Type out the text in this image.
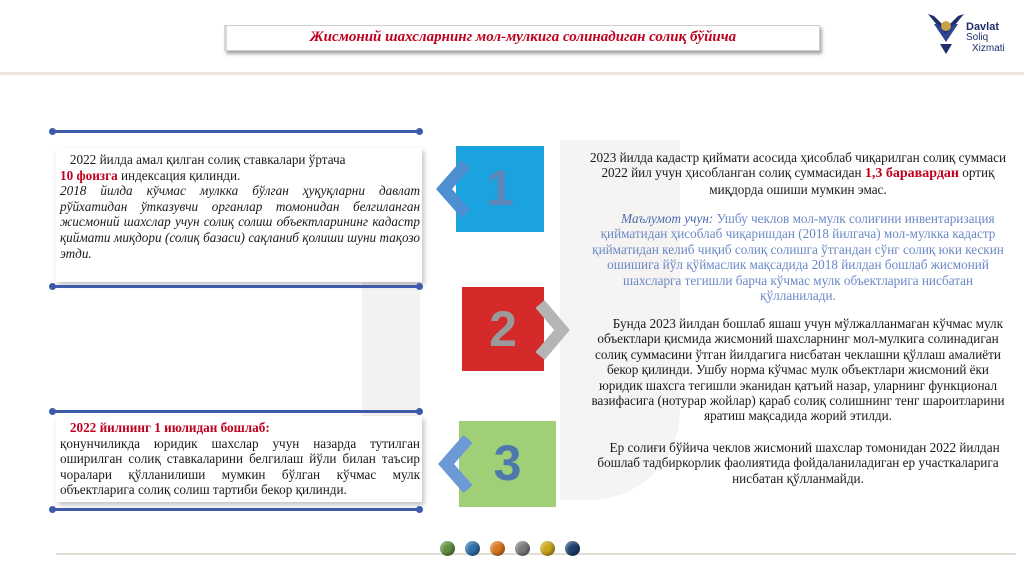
Жисмоний шахсларнинг мол-мулкига солинадиган солиқ бўйича
Davlat
Soliq
Xizmati
2022 йилда амал қилган солиқ ставкалари ўртача
10 фоизга индексация қилинди.
2018 йилда кўчмас мулкка бўлган ҳуқуқларни давлат рўйхатидан ўтказувчи органлар томонидан белгиланган жисмоний шахслар учун солиқ солиш объектларининг кадастр қиймати миқдори (солиқ базаси) сақланиб қолиши шуни тақозо этди.
1
2
3
2022 йилнинг 1 июлидан бошлаб:
қонунчиликда юридик шахслар учун назарда тутилган оширилган солиқ ставкаларини белгилаш йўли билан таъсир чоралари қўлланилиши мумкин бўлган кўчмас мулк объектларига солиқ солиш тартиби бекор қилинди.
2023 йилда кадастр қиймати асосида ҳисоблаб чиқарилган солиқ суммаси 2022 йил учун ҳисобланган солиқ суммасидан 1,3 баравардан ортиқ миқдорда ошиши мумкин эмас.
Маълумот учун: Ушбу чеклов мол-мулк солиғини инвентаризация қийматидан ҳисоблаб чиқаришдан (2018 йилгача) мол-мулкка кадастр қийматидан келиб чиқиб солиқ солишга ўтгандан сўнг солиқ юки кескин ошишига йўл қўймаслик мақсадида 2018 йилдан бошлаб жисмоний шахсларга тегишли барча кўчмас мулк объектларига нисбатан қўлланилади.
Бунда 2023 йилдан бошлаб яшаш учун мўлжалланмаган кўчмас мулк объектлари қисмида жисмоний шахсларнинг мол-мулкига солинадиган солиқ суммасини ўтган йилдагига нисбатан чеклашни қўллаш амалиёти бекор қилинди. Ушбу норма кўчмас мулк объектлари жисмоний ёки юридик шахсга тегишли эканидан қатъий назар, уларнинг функционал вазифасига (нотурар жойлар) қараб солиқ солишнинг тенг шароитларини яратиш мақсадида жорий этилди.
Ер солиғи бўйича чеклов жисмоний шахслар томонидан 2022 йилдан бошлаб тадбиркорлик фаолиятида фойдаланиладиган ер участкаларига нисбатан қўлланмайди.
